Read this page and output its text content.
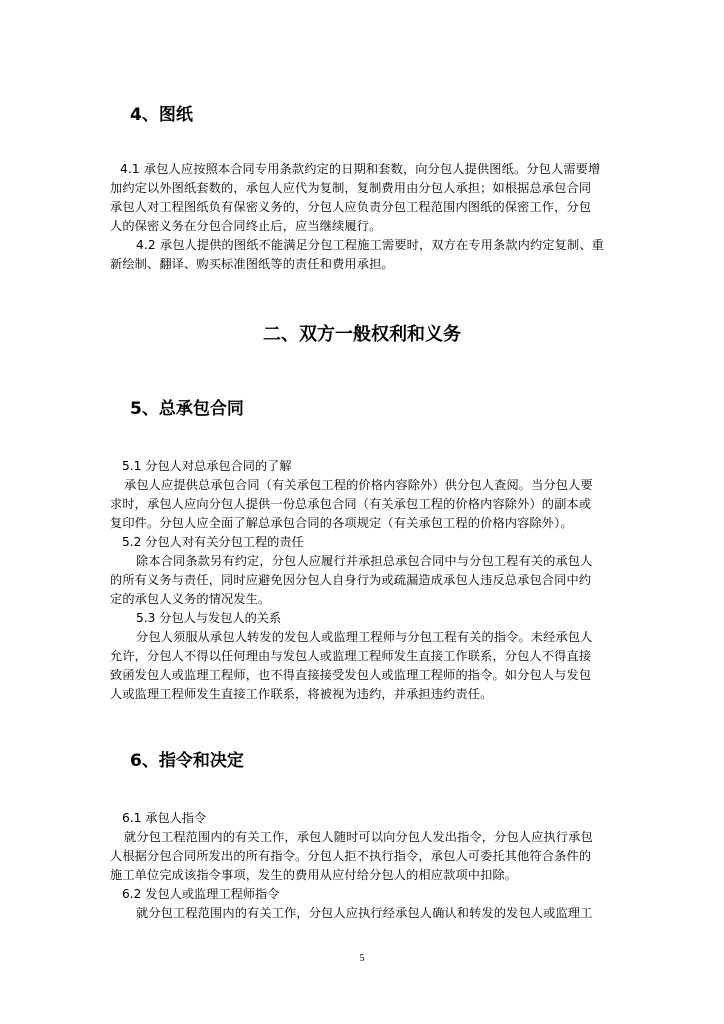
4、图纸
4.1 承包人应按照本合同专用条款约定的日期和套数，向分包人提供图纸。分包人需要增
加约定以外图纸套数的，承包人应代为复制，复制费用由分包人承担；如根据总承包合同
承包人对工程图纸负有保密义务的，分包人应负责分包工程范围内图纸的保密工作，分包
人的保密义务在分包合同终止后，应当继续履行。
4.2 承包人提供的图纸不能满足分包工程施工需要时，双方在专用条款内约定复制、重
新绘制、翻译、购买标准图纸等的责任和费用承担。
二、双方一般权利和义务
5、总承包合同
5.1 分包人对总承包合同的了解
承包人应提供总承包合同（有关承包工程的价格内容除外）供分包人查阅。当分包人要
求时，承包人应向分包人提供一份总承包合同（有关承包工程的价格内容除外）的副本或
复印件。分包人应全面了解总承包合同的各项规定（有关承包工程的价格内容除外）。
5.2 分包人对有关分包工程的责任
除本合同条款另有约定，分包人应履行并承担总承包合同中与分包工程有关的承包人
的所有义务与责任，同时应避免因分包人自身行为或疏漏造成承包人违反总承包合同中约
定的承包人义务的情况发生。
5.3 分包人与发包人的关系
分包人须服从承包人转发的发包人或监理工程师与分包工程有关的指令。未经承包人
允许，分包人不得以任何理由与发包人或监理工程师发生直接工作联系，分包人不得直接
致函发包人或监理工程师，也不得直接接受发包人或监理工程师的指令。如分包人与发包
人或监理工程师发生直接工作联系，将被视为违约，并承担违约责任。
6、指令和决定
6.1 承包人指令
就分包工程范围内的有关工作，承包人随时可以向分包人发出指令，分包人应执行承包
人根据分包合同所发出的所有指令。分包人拒不执行指令，承包人可委托其他符合条件的
施工单位完成该指令事项，发生的费用从应付给分包人的相应款项中扣除。
6.2 发包人或监理工程师指令
就分包工程范围内的有关工作，分包人应执行经承包人确认和转发的发包人或监理工
5
